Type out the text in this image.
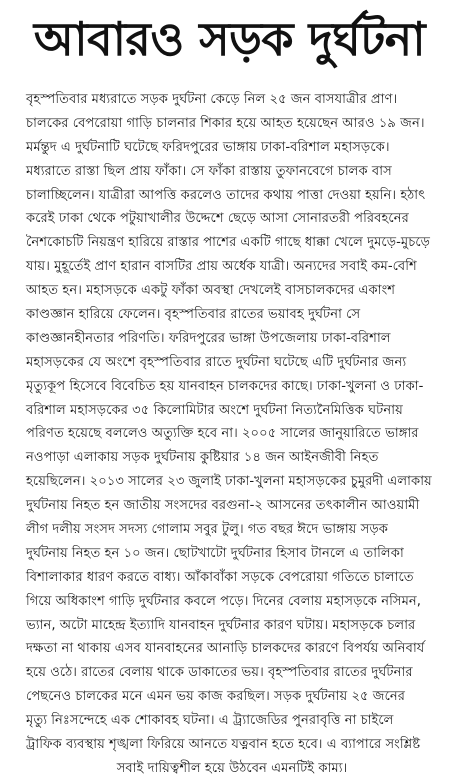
আবারও সড়ক দুর্ঘটনা
বৃহস্পতিবার মধ্যরাতে সড়ক দুর্ঘটনা কেড়ে নিল ২৫ জন বাসযাত্রীর প্রাণ।
চালকের বেপরোয়া গাড়ি চালনার শিকার হয়ে আহত হয়েছেন আরও ১৯ জন।
মর্মন্তুদ এ দুর্ঘটনাটি ঘটেছে ফরিদপুরের ভাঙ্গায় ঢাকা-বরিশাল মহাসড়কে।
মধ্যরাতে রাস্তা ছিল প্রায় ফাঁকা। সে ফাঁকা রাস্তায় তুফানবেগে চালক বাস
চালাচ্ছিলেন। যাত্রীরা আপত্তি করলেও তাদের কথায় পাত্তা দেওয়া হয়নি। হঠাৎ
করেই ঢাকা থেকে পটুয়াখালীর উদ্দেশে ছেড়ে আসা সোনারতরী পরিবহনের
নৈশকোচটি নিয়ন্ত্রণ হারিয়ে রাস্তার পাশের একটি গাছে ধাক্কা খেলে দুমড়ে-মুচড়ে
যায়। মুহূর্তেই প্রাণ হারান বাসটির প্রায় অর্ধেক যাত্রী। অন্যদের সবাই কম-বেশি
আহত হন। মহাসড়কে একটু ফাঁকা অবস্থা দেখলেই বাসচালকদের একাংশ
কাণ্ডজ্ঞান হারিয়ে ফেলেন। বৃহস্পতিবার রাতের ভয়াবহ দুর্ঘটনা সে
কাণ্ডজ্ঞানহীনতার পরিণতি। ফরিদপুরের ভাঙ্গা উপজেলায় ঢাকা-বরিশাল
মহাসড়কের যে অংশে বৃহস্পতিবার রাতে দুর্ঘটনা ঘটেছে এটি দুর্ঘটনার জন্য
মৃত্যুকূপ হিসেবে বিবেচিত হয় যানবাহন চালকদের কাছে। ঢাকা-খুলনা ও ঢাকা-
বরিশাল মহাসড়কের ৩৫ কিলোমিটার অংশে দুর্ঘটনা নিত্যনৈমিত্তিক ঘটনায়
পরিণত হয়েছে বললেও অত্যুক্তি হবে না। ২০০৫ সালের জানুয়ারিতে ভাঙ্গার
নওপাড়া এলাকায় সড়ক দুর্ঘটনায় কুষ্টিয়ার ১৪ জন আইনজীবী নিহত
হয়েছিলেন। ২০১৩ সালের ২৩ জুলাই ঢাকা-খুলনা মহাসড়কের চুমুরদী এলাকায়
দুর্ঘটনায় নিহত হন জাতীয় সংসদের বরগুনা-২ আসনের তৎকালীন আওয়ামী
লীগ দলীয় সংসদ সদস্য গোলাম সবুর টুলু। গত বছর ঈদে ভাঙ্গায় সড়ক
দুর্ঘটনায় নিহত হন ১০ জন। ছোটখাটো দুর্ঘটনার হিসাব টানলে এ তালিকা
বিশালাকার ধারণ করতে বাধ্য। আঁকাবাঁকা সড়কে বেপরোয়া গতিতে চালাতে
গিয়ে অধিকাংশ গাড়ি দুর্ঘটনার কবলে পড়ে। দিনের বেলায় মহাসড়কে নসিমন,
ভ্যান, অটো মাহেন্দ্র ইত্যাদি যানবাহন দুর্ঘটনার কারণ ঘটায়। মহাসড়কে চলার
দক্ষতা না থাকায় এসব যানবাহনের আনাড়ি চালকদের কারণে বিপর্যয় অনিবার্য
হয়ে ওঠে। রাতের বেলায় থাকে ডাকাতের ভয়। বৃহস্পতিবার রাতের দুর্ঘটনার
পেছনেও চালকের মনে এমন ভয় কাজ করছিল। সড়ক দুর্ঘটনায় ২৫ জনের
মৃত্যু নিঃসন্দেহে এক শোকাবহ ঘটনা। এ ট্র্যাজেডির পুনরাবৃত্তি না চাইলে
ট্রাফিক ব্যবস্থায় শৃঙ্খলা ফিরিয়ে আনতে যত্নবান হতে হবে। এ ব্যাপারে সংশ্লিষ্ট
সবাই দায়িত্বশীল হয়ে উঠবেন এমনটিই কাম্য।
